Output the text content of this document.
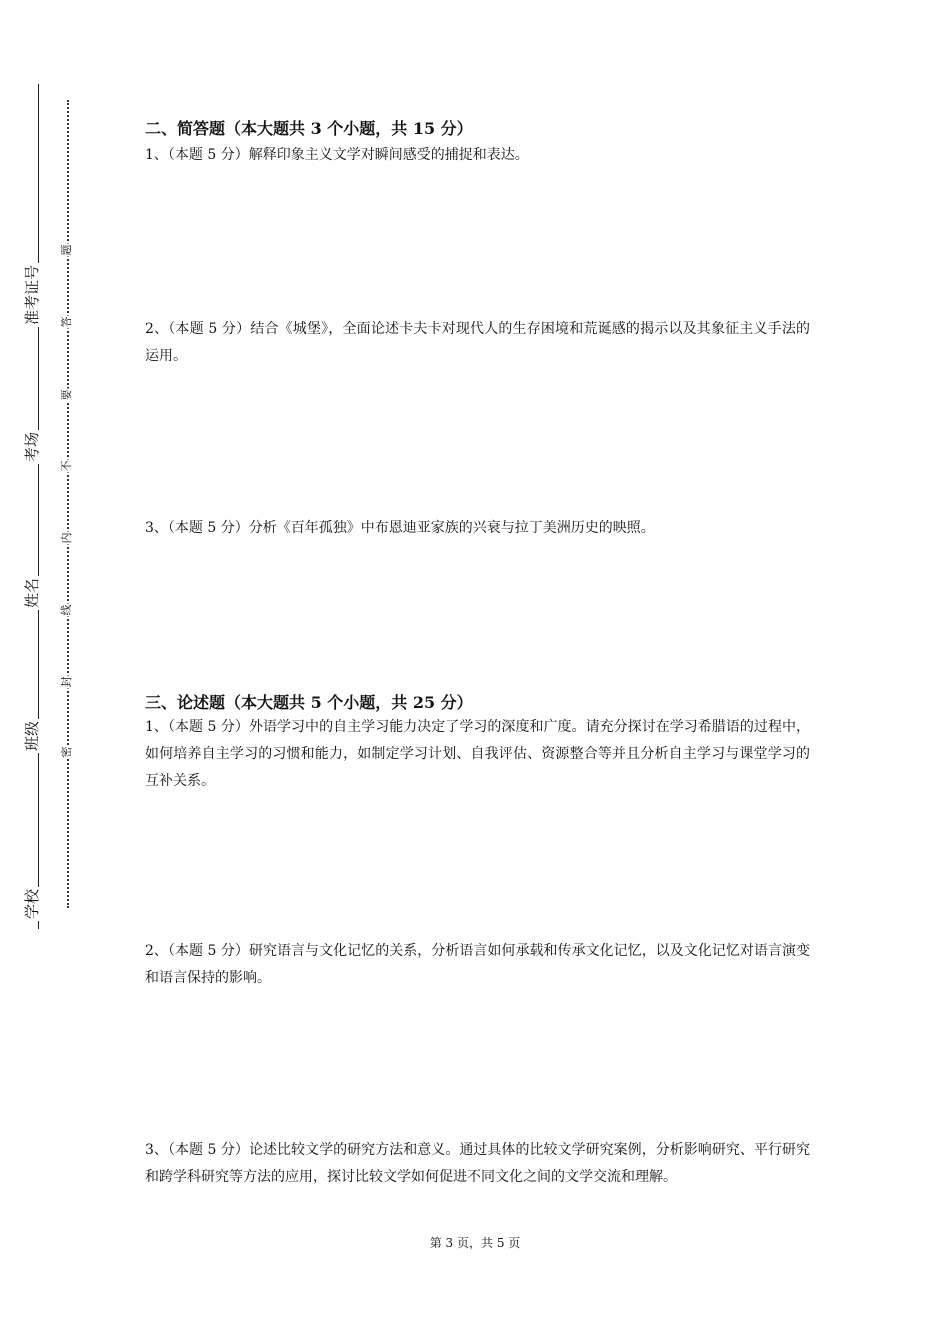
准考证号
考场
姓名
班级
学校
题
答
要
不
内
线
封
密
二、简答题（本大题共 3 个小题，共 15 分）
1、（本题 5 分）解释印象主义文学对瞬间感受的捕捉和表达。
2、（本题 5 分）结合《城堡》，全面论述卡夫卡对现代人的生存困境和荒诞感的揭示以及其象征主义手法的运用。
3、（本题 5 分）分析《百年孤独》中布恩迪亚家族的兴衰与拉丁美洲历史的映照。
三、论述题（本大题共 5 个小题，共 25 分）
1、（本题 5 分）外语学习中的自主学习能力决定了学习的深度和广度。请充分探讨在学习希腊语的过程中，如何培养自主学习的习惯和能力，如制定学习计划、自我评估、资源整合等并且分析自主学习与课堂学习的互补关系。
2、（本题 5 分）研究语言与文化记忆的关系，分析语言如何承载和传承文化记忆，以及文化记忆对语言演变和语言保持的影响。
3、（本题 5 分）论述比较文学的研究方法和意义。通过具体的比较文学研究案例，分析影响研究、平行研究和跨学科研究等方法的应用，探讨比较文学如何促进不同文化之间的文学交流和理解。
第 3 页，共 5 页
